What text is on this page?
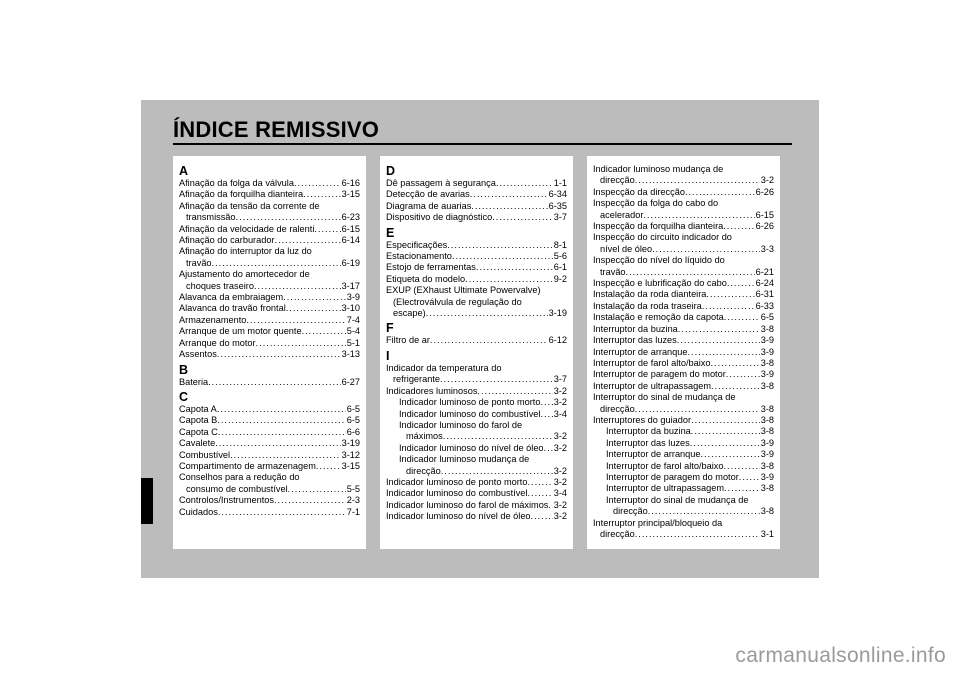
ÍNDICE REMISSIVO
A
Afinação da folga da válvula .....	6-16
Afinação da forquilha dianteira .....	3-15
Afinação da tensão da corrente de
transmissão .....	6-23
Afinação da velocidade de ralenti .....	6-15
Afinação do carburador .....	6-14
Afinação do interruptor da luz do
travão .....	6-19
Ajustamento do amortecedor de
choques traseiro .....	3-17
Alavanca da embraiagem .....	3-9
Alavanca do travão frontal .....	3-10
Armazenamento .....	7-4
Arranque de um motor quente .....	5-4
Arranque do motor .....	5-1
Assentos .....	3-13
B
Bateria .....	6-27
C
Capota A .....	6-5
Capota B .....	6-5
Capota C .....	6-6
Cavalete .....	3-19
Combustível .....	3-12
Compartimento de armazenagem .....	3-15
Conselhos para a redução do
consumo de combustível .....	5-5
Controlos/Instrumentos .....	2-3
Cuidados .....	7-1
D
Dê passagem à segurança .....	1-1
Detecção de avarias .....	6-34
Diagrama de auarias .....	6-35
Dispositivo de diagnóstico .....	3-7
E
Especificações .....	8-1
Estacionamento .....	5-6
Estojo de ferramentas .....	6-1
Etiqueta do modelo .....	9-2
EXUP (EXhaust Ultimate Powervalve)
(Electroválvula de regulação do
escape) .....	3-19
F
Filtro de ar .....	6-12
I
Indicador da temperatura do
refrigerante .....	3-7
Indicadores luminosos .....	3-2
Indicador luminoso de ponto morto ..... 3-2
Indicador luminoso do combustível ..... 3-4
Indicador luminoso do farol de
máximos .....	3-2
Indicador luminoso do nível de óleo ..... 3-2
Indicador luminoso mudança de
direcção .....	3-2
Indicador luminoso de ponto morto .....	3-2
Indicador luminoso do combustível .....	3-4
Indicador luminoso do farol de máximos ..... 3-2
Indicador luminoso do nível de óleo .....	3-2
Indicador luminoso mudança de
direcção .....	3-2
Inspecção da direcção .....	6-26
Inspecção da folga do cabo do
acelerador .....	6-15
Inspecção da forquilha dianteira .....	6-26
Inspecção do circuito indicador do
nível de óleo .....	3-3
Inspecção do nível do líquido do
travão .....	6-21
Inspecção e lubrificação do cabo .....	6-24
Instalação da roda dianteira .....	6-31
Instalação da roda traseira .....	6-33
Instalação e remoção da capota .....	6-5
Interruptor da buzina .....	3-8
Interruptor das luzes .....	3-9
Interruptor de arranque .....	3-9
Interruptor de farol alto/baixo .....	3-8
Interruptor de paragem do motor .....	3-9
Interruptor de ultrapassagem .....	3-8
Interruptor do sinal de mudança de
direcção .....	3-8
Interruptores do guiador .....	3-8
Interruptor da buzina .....	3-8
Interruptor das luzes .....	3-9
Interruptor de arranque .....	3-9
Interruptor de farol alto/baixo .....	3-8
Interruptor de paragem do motor ..... 3-9
Interruptor de ultrapassagem .....	3-8
Interruptor do sinal de mudança de
direcção .....	3-8
Interruptor principal/bloqueio da
direcção .....	3-1
carmanualsonline.info
